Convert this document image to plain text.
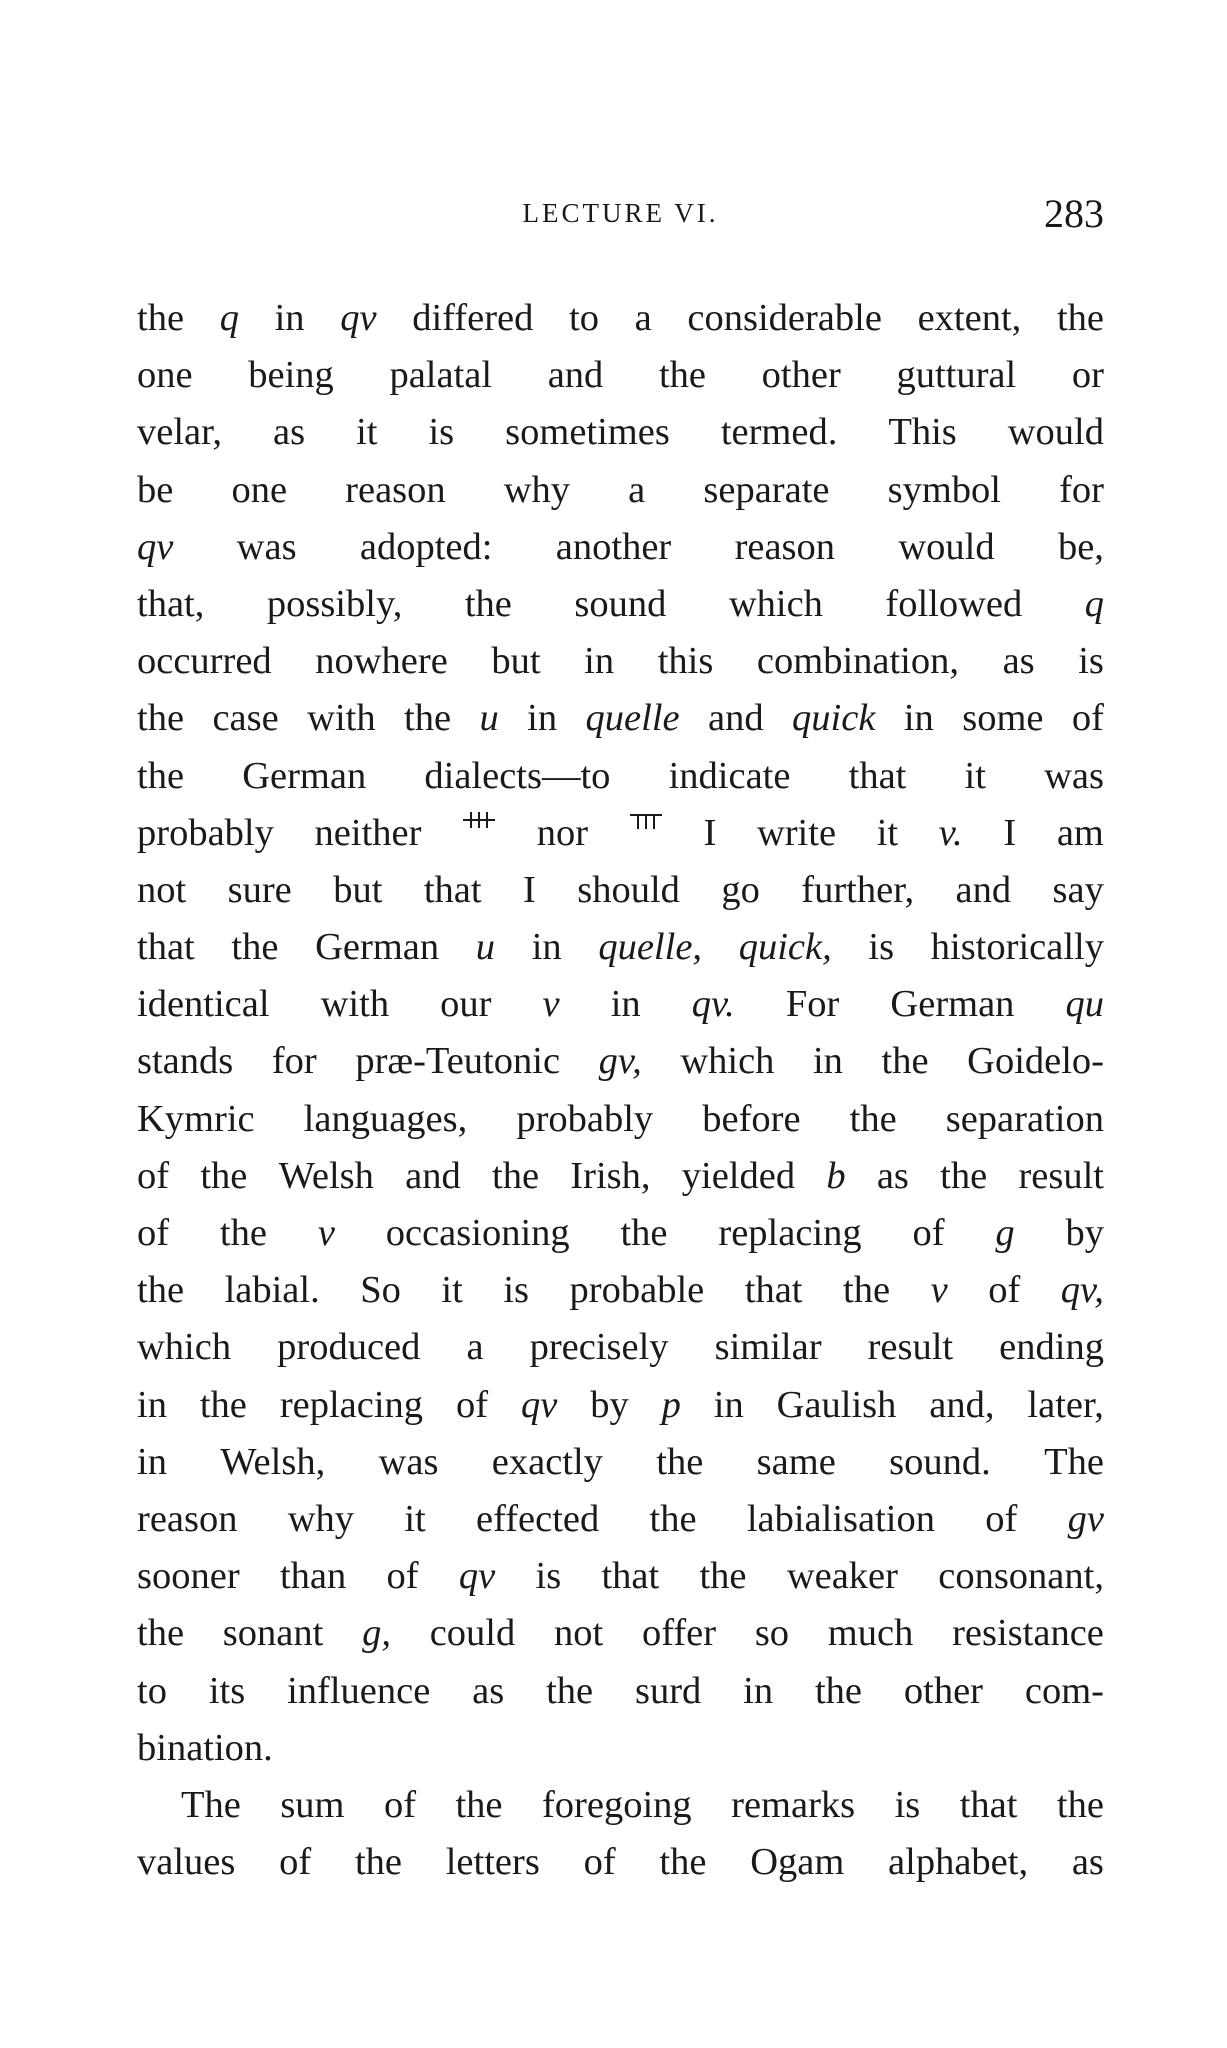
LECTURE VI.	283
the q in qv differed to a considerable extent, the
one being palatal and the other guttural or
velar, as it is sometimes termed. This would
be one reason why a separate symbol for
qv was adopted: another reason would be,
that, possibly, the sound which followed q
occurred nowhere but in this combination, as is
the case with the u in quelle and quick in some of
the German dialects—to indicate that it was
probably neither	nor	I write it v. I am
not sure but that I should go further, and say
that the German u in quelle, quick, is historically
identical with our v in qv. For German qu
stands for præ-Teutonic gv, which in the Goidelo-
Kymric languages, probably before the separation
of the Welsh and the Irish, yielded b as the result
of the v occasioning the replacing of g by
the labial. So it is probable that the v of qv,
which produced a precisely similar result ending
in the replacing of qv by p in Gaulish and, later,
in Welsh, was exactly the same sound. The
reason why it effected the labialisation of gv
sooner than of qv is that the weaker consonant,
the sonant g, could not offer so much resistance
to its influence as the surd in the other com-
bination.
The sum of the foregoing remarks is that the
values of the letters of the Ogam alphabet, as
